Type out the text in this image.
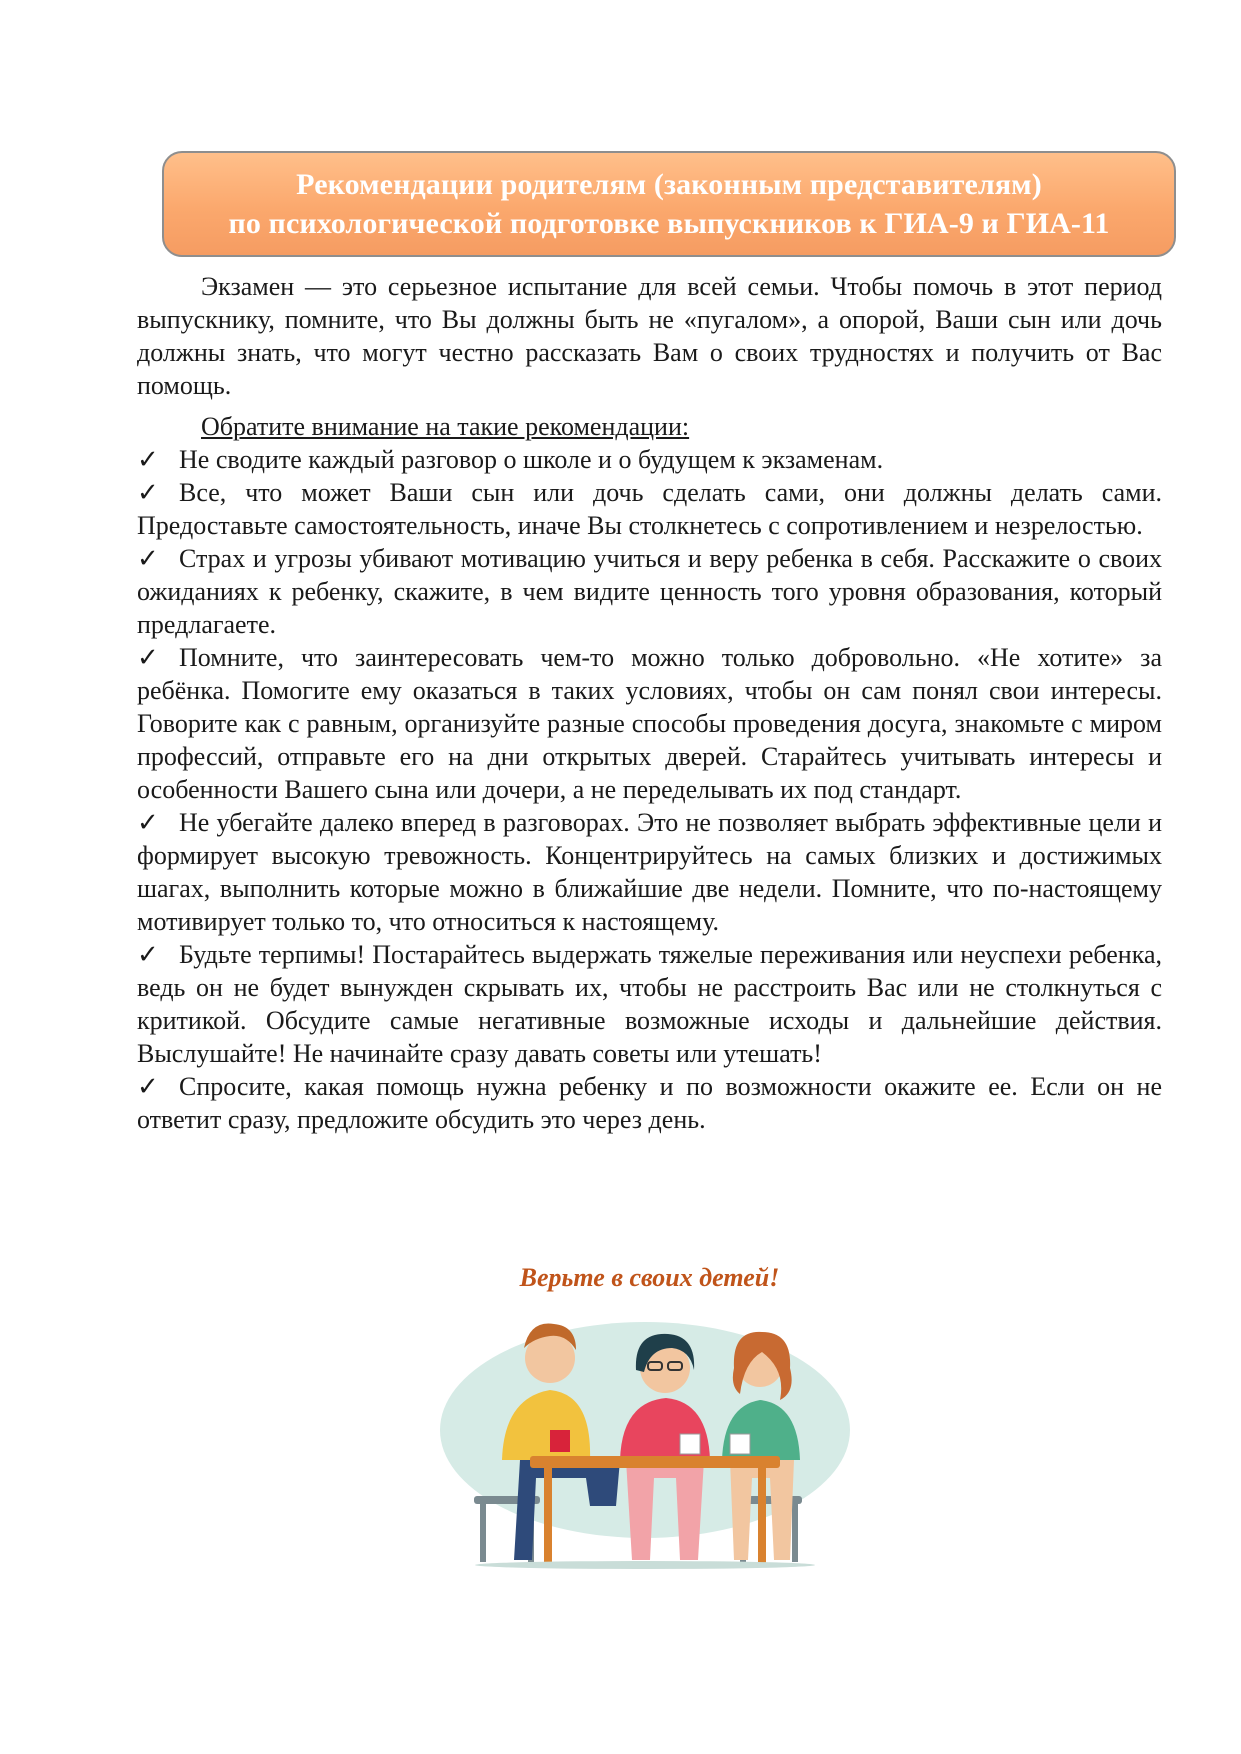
Рекомендации родителям (законным представителям)
по психологической подготовке выпускников к ГИА-9 и ГИА-11

Экзамен — это серьезное испытание для всей семьи. Чтобы помочь в этот период выпускнику, помните, что Вы должны быть не «пугалом», а опорой, Ваши сын или дочь должны знать, что могут честно рассказать Вам о своих трудностях и получить от Вас помощь.

Обратите внимание на такие рекомендации:

✓ Не сводите каждый разговор о школе и о будущем к экзаменам.

✓ Все, что может Ваши сын или дочь сделать сами, они должны делать сами. Предоставьте самостоятельность, иначе Вы столкнетесь с сопротивлением и незрелостью.

✓ Страх и угрозы убивают мотивацию учиться и веру ребенка в себя. Расскажите о своих ожиданиях к ребенку, скажите, в чем видите ценность того уровня образования, который предлагаете.

✓ Помните, что заинтересовать чем-то можно только добровольно. «Не хотите» за ребёнка. Помогите ему оказаться в таких условиях, чтобы он сам понял свои интересы. Говорите как с равным, организуйте разные способы проведения досуга, знакомьте с миром профессий, отправьте его на дни открытых дверей. Старайтесь учитывать интересы и особенности Вашего сына или дочери, а не переделывать их под стандарт.

✓ Не убегайте далеко вперед в разговорах. Это не позволяет выбрать эффективные цели и формирует высокую тревожность. Концентрируйтесь на самых близких и достижимых шагах, выполнить которые можно в ближайшие две недели. Помните, что по-настоящему мотивирует только то, что относиться к настоящему.

✓ Будьте терпимы! Постарайтесь выдержать тяжелые переживания или неуспехи ребенка, ведь он не будет вынужден скрывать их, чтобы не расстроить Вас или не столкнуться с критикой. Обсудите самые негативные возможные исходы и дальнейшие действия. Выслушайте! Не начинайте сразу давать советы или утешать!

✓ Спросите, какая помощь нужна ребенку и по возможности окажите ее. Если он не ответит сразу, предложите обсудить это через день.

Верьте в своих детей!
